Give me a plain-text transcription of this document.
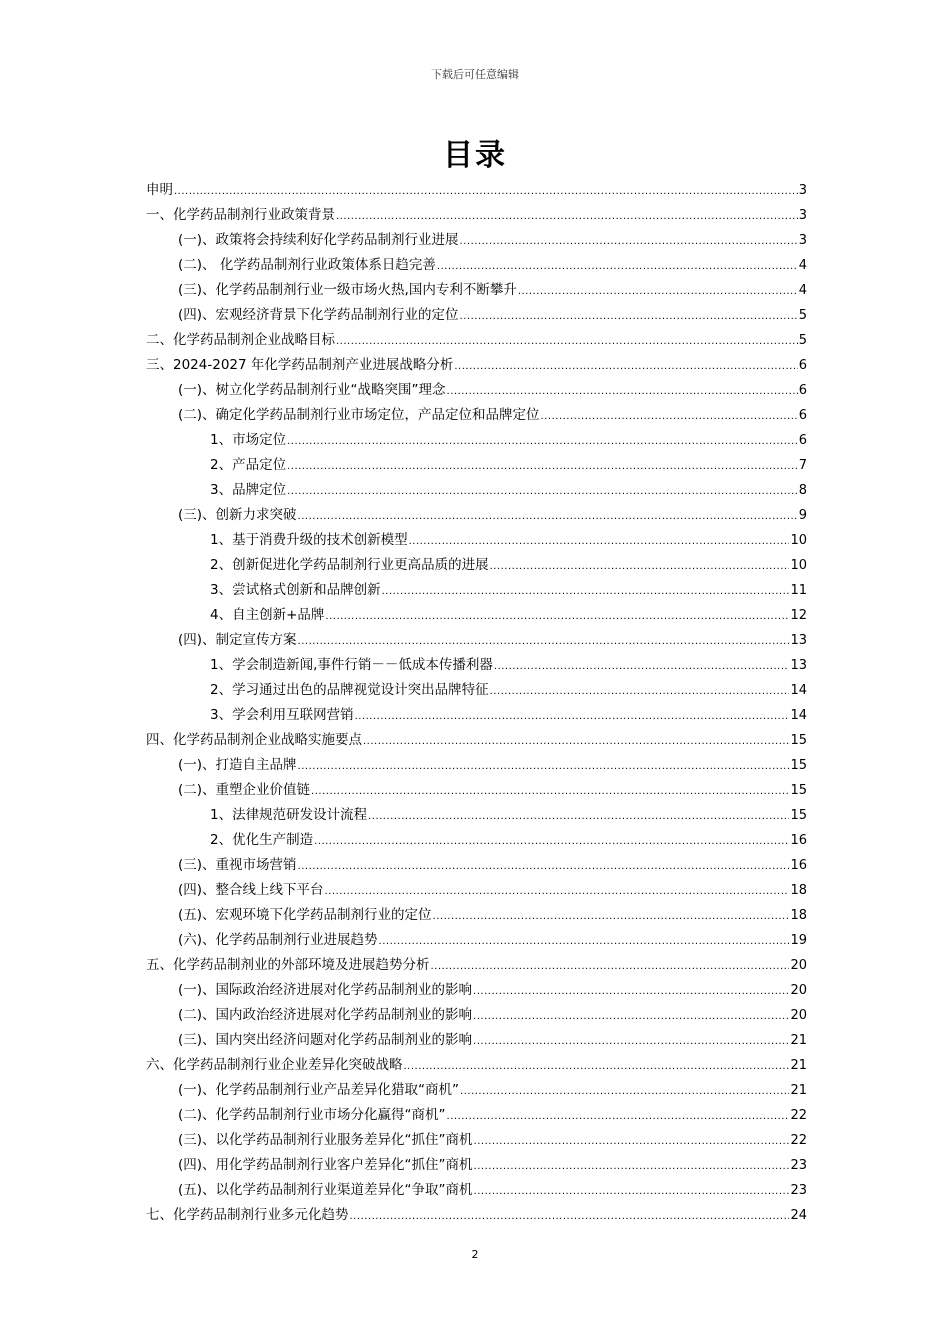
下载后可任意编辑
目录
申明 .....	3
一、化学药品制剂行业政策背景 .....	3
(一)、政策将会持续利好化学药品制剂行业进展 .....	3
(二)、 化学药品制剂行业政策体系日趋完善 .....	4
(三)、化学药品制剂行业一级市场火热,国内专利不断攀升 .....	4
(四)、宏观经济背景下化学药品制剂行业的定位 .....	5
二、化学药品制剂企业战略目标 .....	5
三、2024-2027 年化学药品制剂产业进展战略分析 .....	6
(一)、树立化学药品制剂行业“战略突围”理念 .....	6
(二)、确定化学药品制剂行业市场定位，产品定位和品牌定位 .....	6
1、市场定位 .....	6
2、产品定位 .....	7
3、品牌定位 .....	8
(三)、创新力求突破 .....	9
1、基于消费升级的技术创新模型 .....	10
2、创新促进化学药品制剂行业更高品质的进展 .....	10
3、尝试格式创新和品牌创新 .....	11
4、自主创新+品牌 .....	12
(四)、制定宣传方案 .....	13
1、学会制造新闻,事件行销－－低成本传播利器 .....	13
2、学习通过出色的品牌视觉设计突出品牌特征 .....	14
3、学会利用互联网营销 .....	14
四、化学药品制剂企业战略实施要点 .....	15
(一)、打造自主品牌 .....	15
(二)、重塑企业价值链 .....	15
1、法律规范研发设计流程 .....	15
2、优化生产制造 .....	16
(三)、重视市场营销 .....	16
(四)、整合线上线下平台 .....	18
(五)、宏观环境下化学药品制剂行业的定位 .....	18
(六)、化学药品制剂行业进展趋势 .....	19
五、化学药品制剂业的外部环境及进展趋势分析 .....	20
(一)、国际政治经济进展对化学药品制剂业的影响 .....	20
(二)、国内政治经济进展对化学药品制剂业的影响 .....	20
(三)、国内突出经济问题对化学药品制剂业的影响 .....	21
六、化学药品制剂行业企业差异化突破战略 .....	21
(一)、化学药品制剂行业产品差异化猎取“商机” .....	21
(二)、化学药品制剂行业市场分化赢得“商机” .....	22
(三)、以化学药品制剂行业服务差异化“抓住”商机 .....	22
(四)、用化学药品制剂行业客户差异化“抓住”商机 .....	23
(五)、以化学药品制剂行业渠道差异化“争取”商机 .....	23
七、化学药品制剂行业多元化趋势 .....	24
2
